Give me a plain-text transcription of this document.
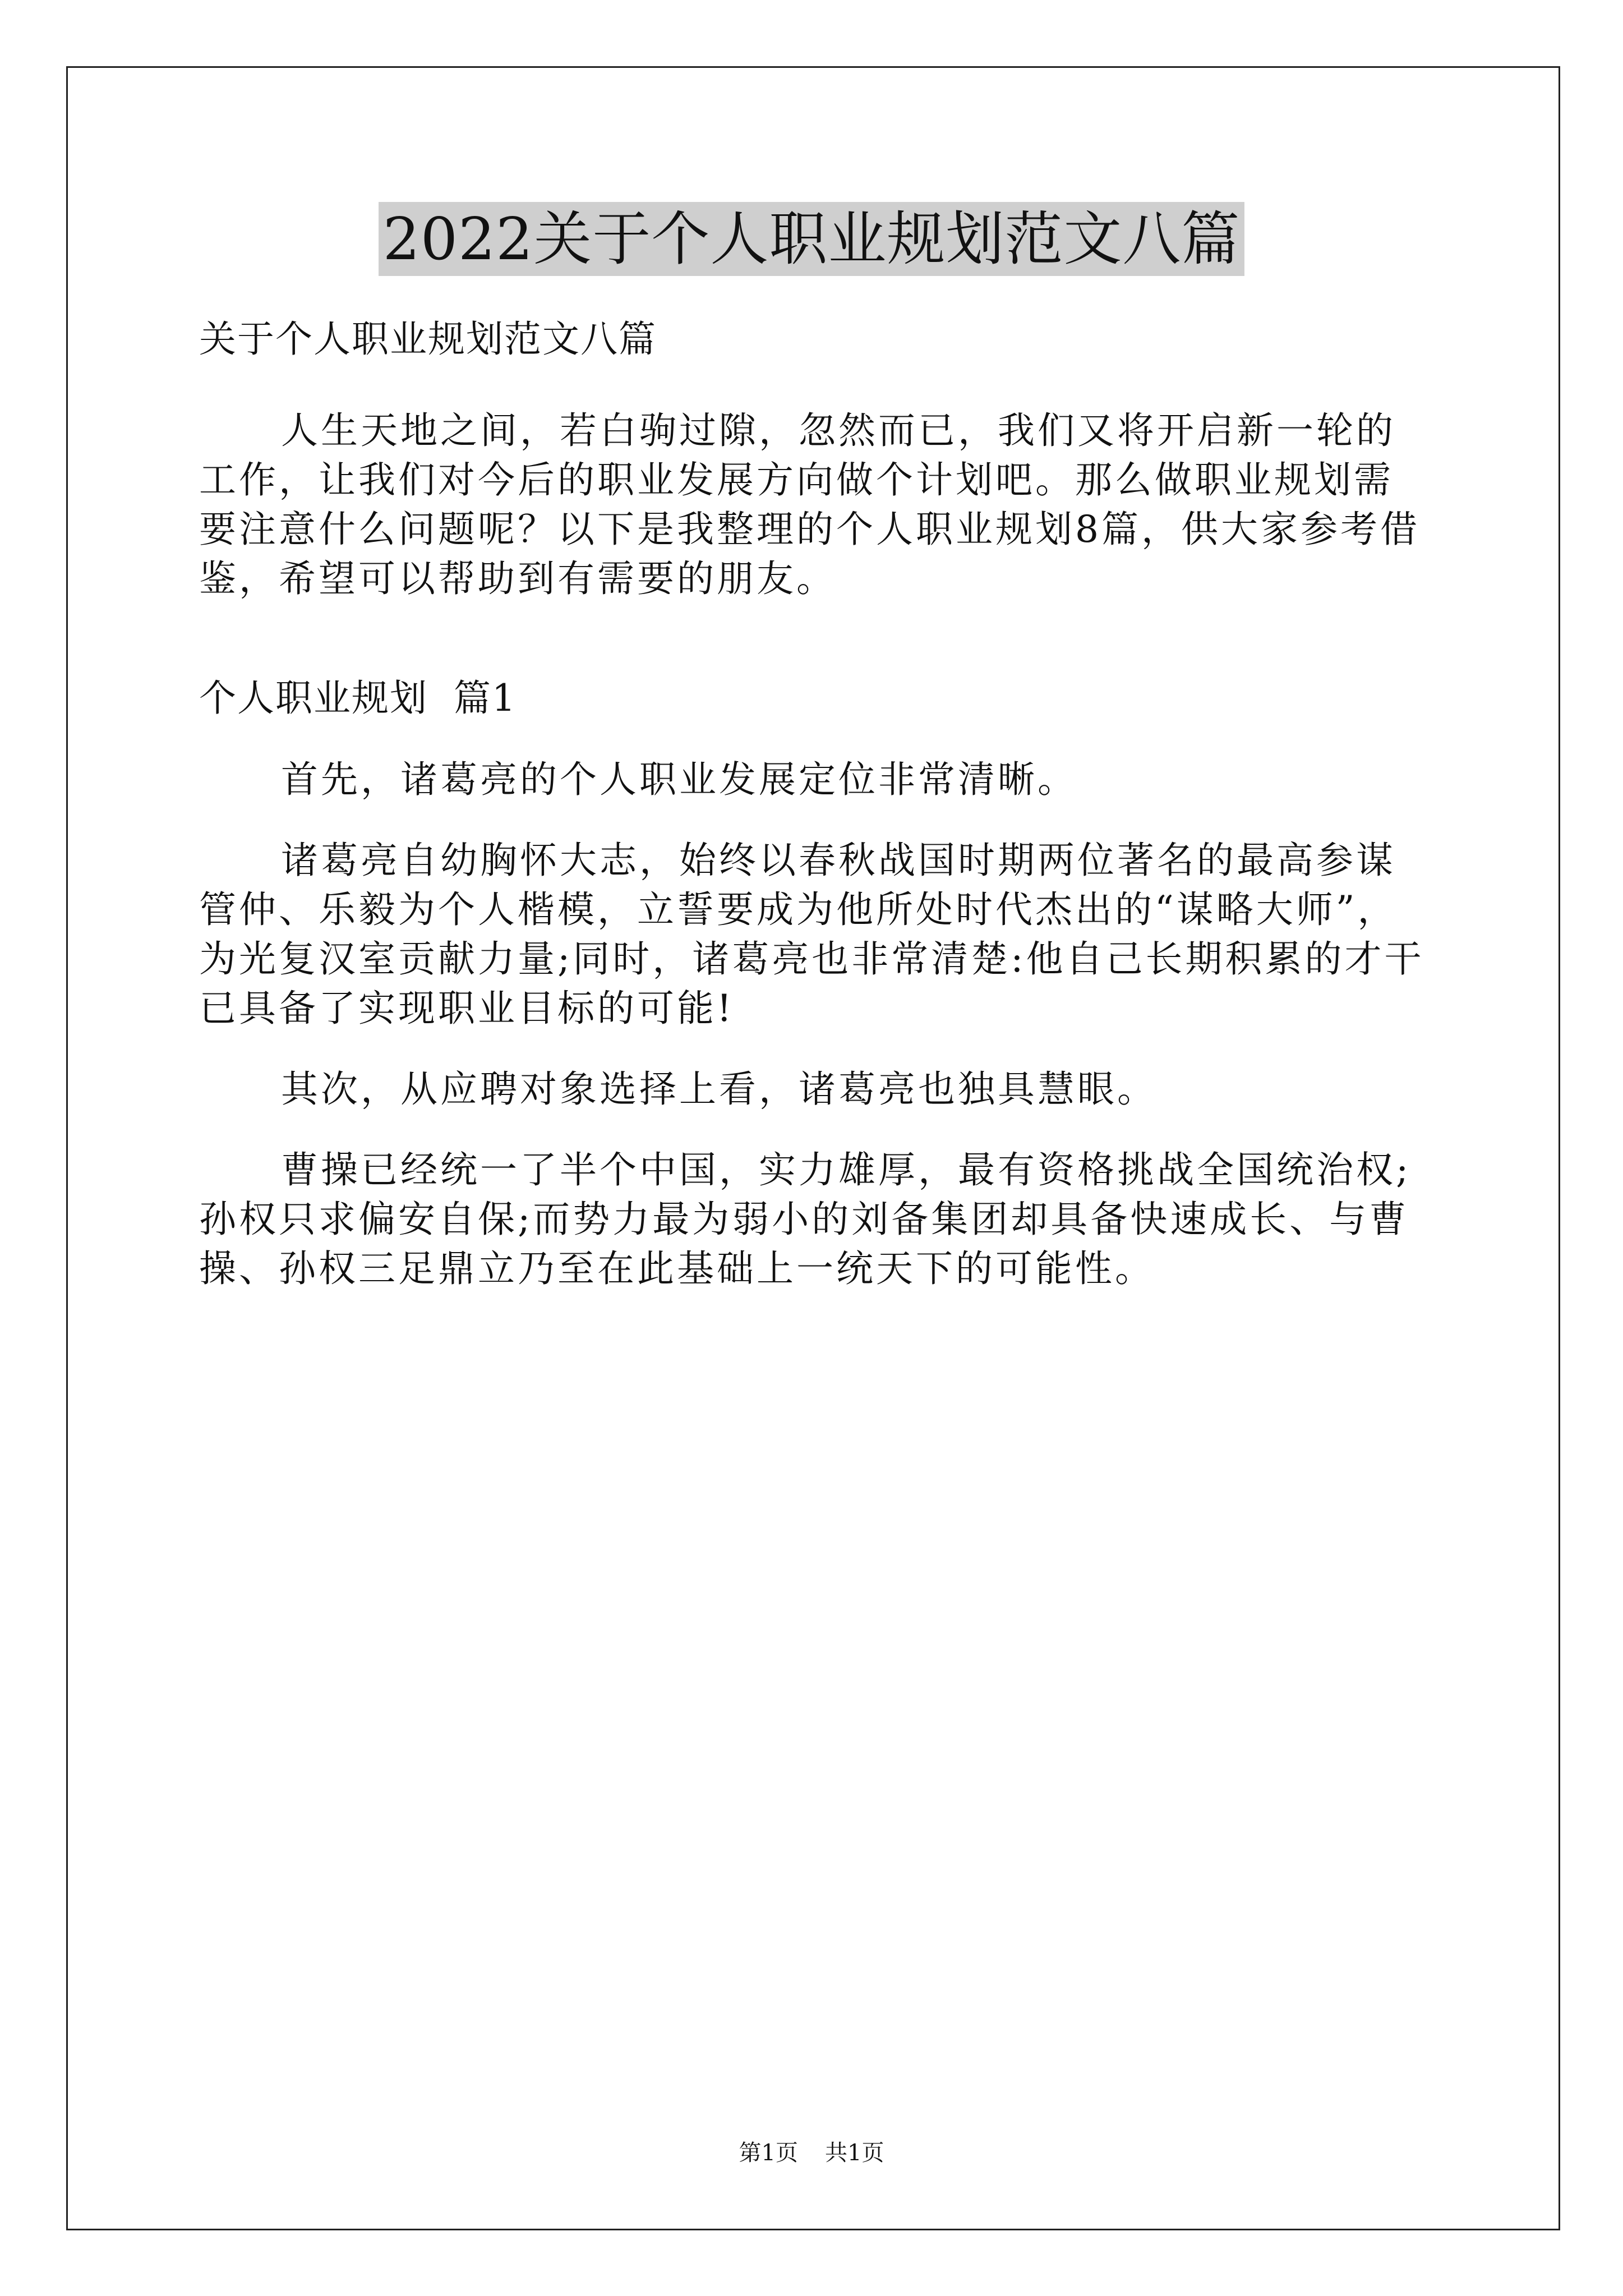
2022关于个人职业规划范文八篇

关于个人职业规划范文八篇

人生天地之间，若白驹过隙，忽然而已，我们又将开启新一轮的工作，让我们对今后的职业发展方向做个计划吧。那么做职业规划需要注意什么问题呢？以下是我整理的个人职业规划8篇，供大家参考借鉴，希望可以帮助到有需要的朋友。

个人职业规划  篇1

首先，诸葛亮的个人职业发展定位非常清晰。

诸葛亮自幼胸怀大志，始终以春秋战国时期两位著名的最高参谋管仲、乐毅为个人楷模，立誓要成为他所处时代杰出的“谋略大师”，为光复汉室贡献力量;同时，诸葛亮也非常清楚:他自己长期积累的才干已具备了实现职业目标的可能!

其次，从应聘对象选择上看，诸葛亮也独具慧眼。

曹操已经统一了半个中国，实力雄厚，最有资格挑战全国统治权;孙权只求偏安自保;而势力最为弱小的刘备集团却具备快速成长、与曹操、孙权三足鼎立乃至在此基础上一统天下的可能性。

第1页 共1页
